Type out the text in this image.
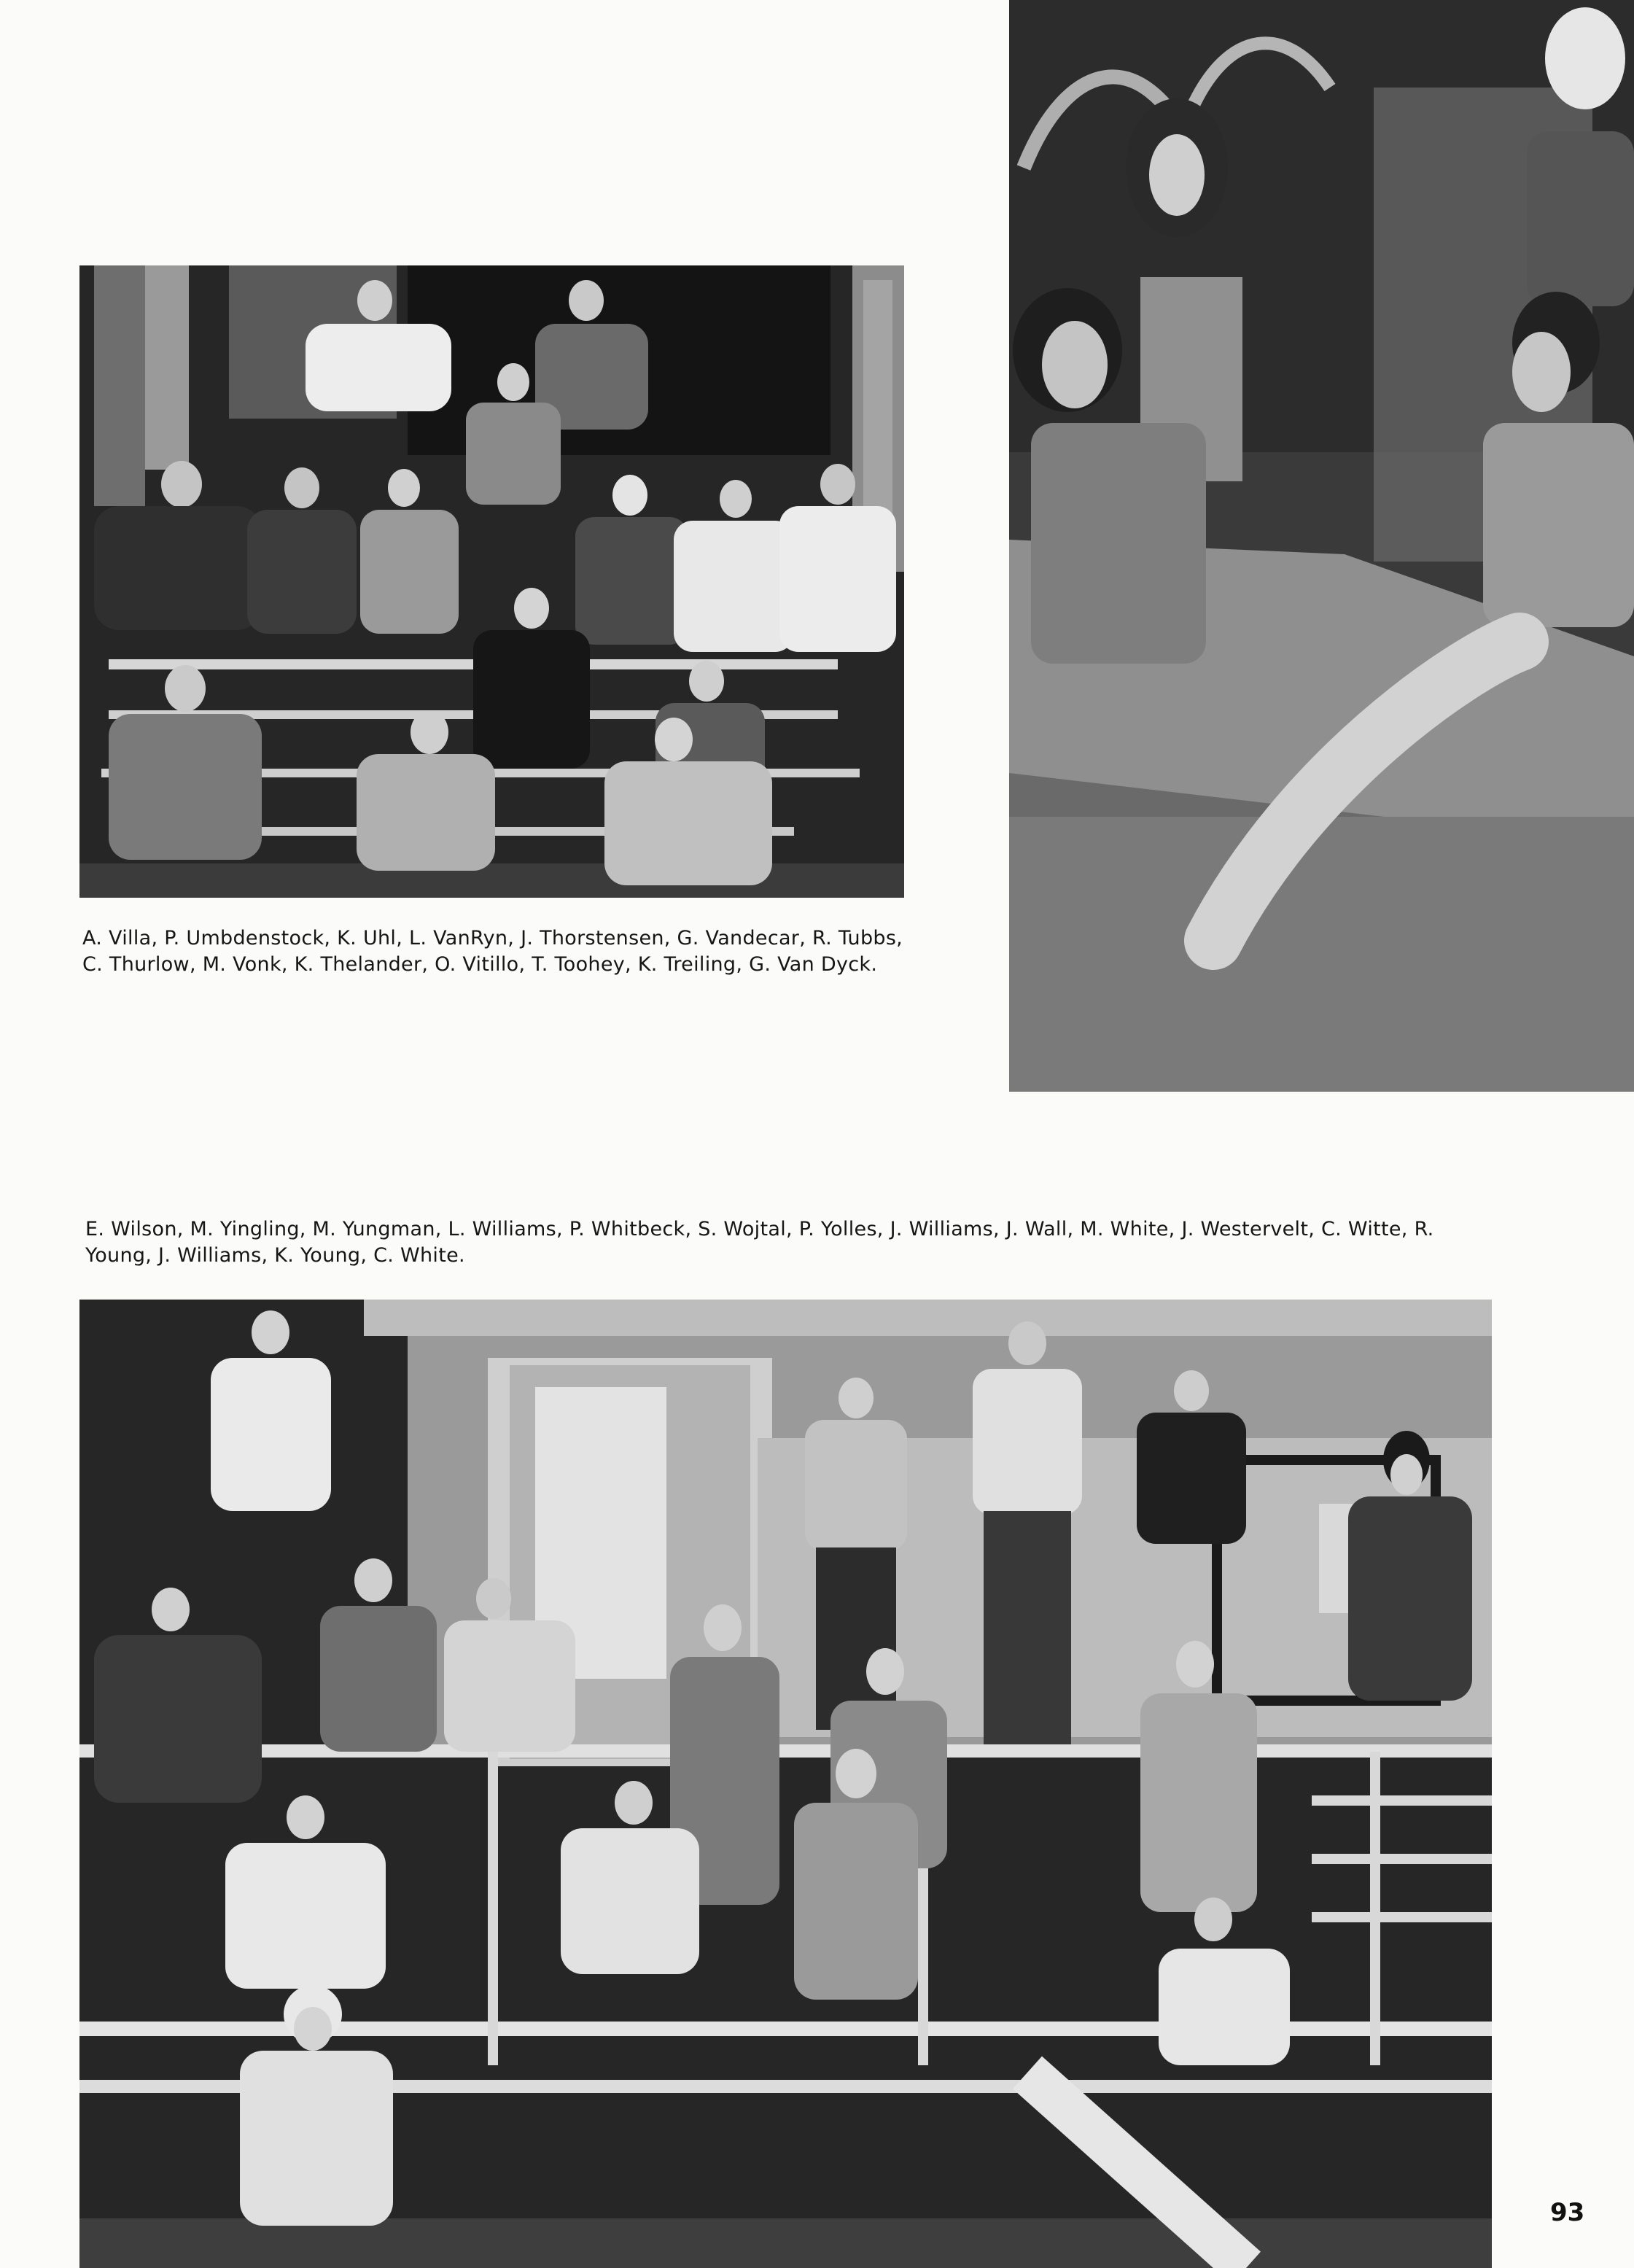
A. Villa, P. Umbdenstock, K. Uhl, L. VanRyn, J. Thorstensen, G. Vandecar, R. Tubbs, C. Thurlow, M. Vonk, K. Thelander, O. Vitillo, T. Toohey, K. Treiling, G. Van Dyck.
E. Wilson, M. Yingling, M. Yungman, L. Williams, P. Whitbeck, S. Wojtal, P. Yolles, J. Williams, J. Wall, M. White, J. Westervelt, C. Witte, R. Young, J. Williams, K. Young, C. White.
93
